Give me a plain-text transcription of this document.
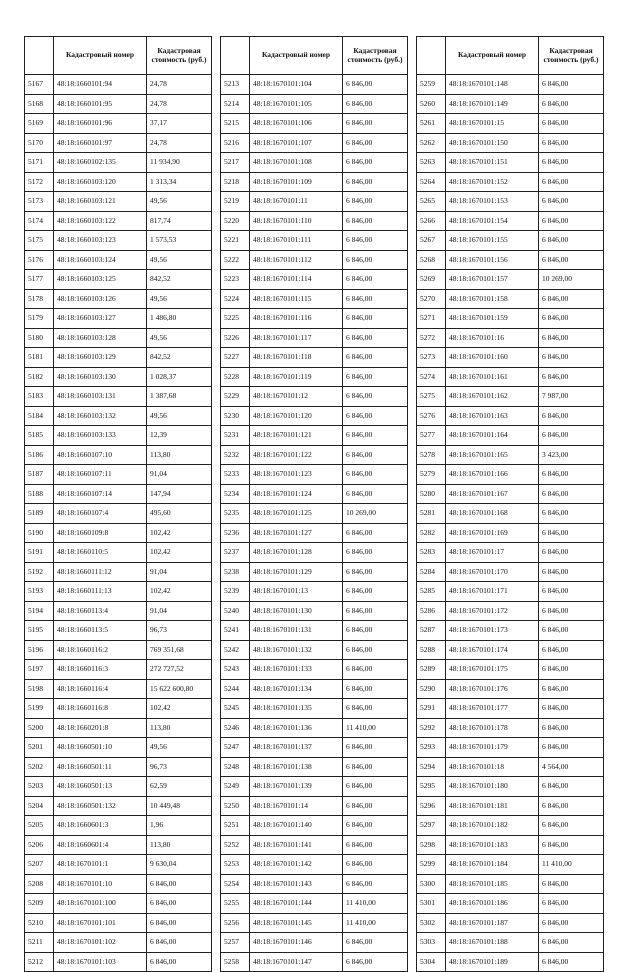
	Кадастровый номер	Кадастровая стоимость (руб.)
5167	48:18:1660101:94	24,78
5168	48:18:1660101:95	24,78
5169	48:18:1660101:96	37,17
5170	48:18:1660101:97	24,78
5171	48:18:1660102:135	11 934,90
5172	48:18:1660103:120	1 313,34
5173	48:18:1660103:121	49,56
5174	48:18:1660103:122	817,74
5175	48:18:1660103:123	1 573,53
5176	48:18:1660103:124	49,56
5177	48:18:1660103:125	842,52
5178	48:18:1660103:126	49,56
5179	48:18:1660103:127	1 486,80
5180	48:18:1660103:128	49,56
5181	48:18:1660103:129	842,52
5182	48:18:1660103:130	1 028,37
5183	48:18:1660103:131	1 387,68
5184	48:18:1660103:132	49,56
5185	48:18:1660103:133	12,39
5186	48:18:1660107:10	113,80
5187	48:18:1660107:11	91,04
5188	48:18:1660107:14	147,94
5189	48:18:1660107:4	495,60
5190	48:18:1660109:8	102,42
5191	48:18:1660110:5	102,42
5192	48:18:1660111:12	91,04
5193	48:18:1660111:13	102,42
5194	48:18:1660113:4	91,04
5195	48:18:1660113:5	96,73
5196	48:18:1660116:2	769 351,68
5197	48:18:1660116:3	272 727,52
5198	48:18:1660116:4	15 622 600,80
5199	48:18:1660116:8	102,42
5200	48:18:1660201:8	113,80
5201	48:18:1660501:10	49,56
5202	48:18:1660501:11	96,73
5203	48:18:1660501:13	62,59
5204	48:18:1660501:132	10 449,48
5205	48:18:1660601:3	1,96
5206	48:18:1660601:4	113,80
5207	48:18:1670101:1	9 630,04
5208	48:18:1670101:10	6 846,00
5209	48:18:1670101:100	6 846,00
5210	48:18:1670101:101	6 846,00
5211	48:18:1670101:102	6 846,00
5212	48:18:1670101:103	6 846,00
	Кадастровый номер	Кадастровая стоимость (руб.)
5213	48:18:1670101:104	6 846,00
5214	48:18:1670101:105	6 846,00
5215	48:18:1670101:106	6 846,00
5216	48:18:1670101:107	6 846,00
5217	48:18:1670101:108	6 846,00
5218	48:18:1670101:109	6 846,00
5219	48:18:1670101:11	6 846,00
5220	48:18:1670101:110	6 846,00
5221	48:18:1670101:111	6 846,00
5222	48:18:1670101:112	6 846,00
5223	48:18:1670101:114	6 846,00
5224	48:18:1670101:115	6 846,00
5225	48:18:1670101:116	6 846,00
5226	48:18:1670101:117	6 846,00
5227	48:18:1670101:118	6 846,00
5228	48:18:1670101:119	6 846,00
5229	48:18:1670101:12	6 846,00
5230	48:18:1670101:120	6 846,00
5231	48:18:1670101:121	6 846,00
5232	48:18:1670101:122	6 846,00
5233	48:18:1670101:123	6 846,00
5234	48:18:1670101:124	6 846,00
5235	48:18:1670101:125	10 269,00
5236	48:18:1670101:127	6 846,00
5237	48:18:1670101:128	6 846,00
5238	48:18:1670101:129	6 846,00
5239	48:18:1670101:13	6 846,00
5240	48:18:1670101:130	6 846,00
5241	48:18:1670101:131	6 846,00
5242	48:18:1670101:132	6 846,00
5243	48:18:1670101:133	6 846,00
5244	48:18:1670101:134	6 846,00
5245	48:18:1670101:135	6 846,00
5246	48:18:1670101:136	11 410,00
5247	48:18:1670101:137	6 846,00
5248	48:18:1670101:138	6 846,00
5249	48:18:1670101:139	6 846,00
5250	48:18:1670101:14	6 846,00
5251	48:18:1670101:140	6 846,00
5252	48:18:1670101:141	6 846,00
5253	48:18:1670101:142	6 846,00
5254	48:18:1670101:143	6 846,00
5255	48:18:1670101:144	11 410,00
5256	48:18:1670101:145	11 410,00
5257	48:18:1670101:146	6 846,00
5258	48:18:1670101:147	6 846,00
	Кадастровый номер	Кадастровая стоимость (руб.)
5259	48:18:1670101:148	6 846,00
5260	48:18:1670101:149	6 846,00
5261	48:18:1670101:15	6 846,00
5262	48:18:1670101:150	6 846,00
5263	48:18:1670101:151	6 846,00
5264	48:18:1670101:152	6 846,00
5265	48:18:1670101:153	6 846,00
5266	48:18:1670101:154	6 846,00
5267	48:18:1670101:155	6 846,00
5268	48:18:1670101:156	6 846,00
5269	48:18:1670101:157	10 269,00
5270	48:18:1670101:158	6 846,00
5271	48:18:1670101:159	6 846,00
5272	48:18:1670101:16	6 846,00
5273	48:18:1670101:160	6 846,00
5274	48:18:1670101:161	6 846,00
5275	48:18:1670101:162	7 987,00
5276	48:18:1670101:163	6 846,00
5277	48:18:1670101:164	6 846,00
5278	48:18:1670101:165	3 423,00
5279	48:18:1670101:166	6 846,00
5280	48:18:1670101:167	6 846,00
5281	48:18:1670101:168	6 846,00
5282	48:18:1670101:169	6 846,00
5283	48:18:1670101:17	6 846,00
5284	48:18:1670101:170	6 846,00
5285	48:18:1670101:171	6 846,00
5286	48:18:1670101:172	6 846,00
5287	48:18:1670101:173	6 846,00
5288	48:18:1670101:174	6 846,00
5289	48:18:1670101:175	6 846,00
5290	48:18:1670101:176	6 846,00
5291	48:18:1670101:177	6 846,00
5292	48:18:1670101:178	6 846,00
5293	48:18:1670101:179	6 846,00
5294	48:18:1670101:18	4 564,00
5295	48:18:1670101:180	6 846,00
5296	48:18:1670101:181	6 846,00
5297	48:18:1670101:182	6 846,00
5298	48:18:1670101:183	6 846,00
5299	48:18:1670101:184	11 410,00
5300	48:18:1670101:185	6 846,00
5301	48:18:1670101:186	6 846,00
5302	48:18:1670101:187	6 846,00
5303	48:18:1670101:188	6 846,00
5304	48:18:1670101:189	6 846,00
